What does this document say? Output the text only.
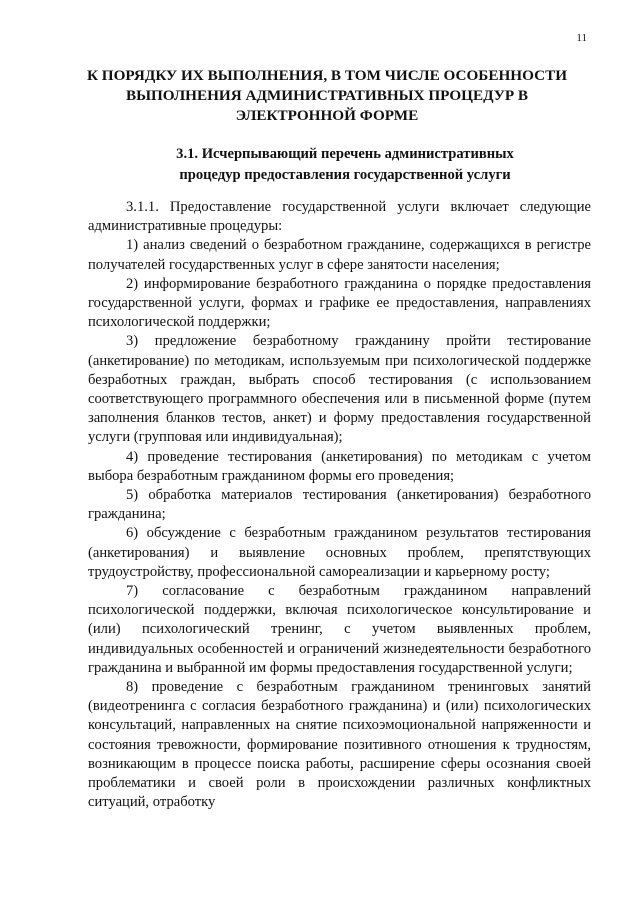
11
К ПОРЯДКУ ИХ ВЫПОЛНЕНИЯ, В ТОМ ЧИСЛЕ ОСОБЕННОСТИ
ВЫПОЛНЕНИЯ АДМИНИСТРАТИВНЫХ ПРОЦЕДУР В
ЭЛЕКТРОННОЙ ФОРМЕ
3.1. Исчерпывающий перечень административных
процедур предоставления государственной услуги

3.1.1. Предоставление государственной услуги включает следующие административные процедуры:

1) анализ сведений о безработном гражданине, содержащихся в регистре получателей государственных услуг в сфере занятости населения;

2) информирование безработного гражданина о порядке предоставления государственной услуги, формах и графике ее предоставления, направлениях психологической поддержки;

3) предложение безработному гражданину пройти тестирование (анкетирование) по методикам, используемым при психологической поддержке безработных граждан, выбрать способ тестирования (с использованием соответствующего программного обеспечения или в письменной форме (путем заполнения бланков тестов, анкет) и форму предоставления государственной услуги (групповая или индивидуальная);

4) проведение тестирования (анкетирования) по методикам с учетом выбора безработным гражданином формы его проведения;

5) обработка материалов тестирования (анкетирования) безработного гражданина;

6) обсуждение с безработным гражданином результатов тестирования (анкетирования) и выявление основных проблем, препятствующих трудоустройству, профессиональной самореализации и карьерному росту;

7) согласование с безработным гражданином направлений психологической поддержки, включая психологическое консультирование и (или) психологический тренинг, с учетом выявленных проблем, индивидуальных особенностей и ограничений жизнедеятельности безработного гражданина и выбранной им формы предоставления государственной услуги;

8) проведение с безработным гражданином тренинговых занятий (видеотренинга с согласия безработного гражданина) и (или) психологических консультаций, направленных на снятие психоэмоциональной напряженности и состояния тревожности, формирование позитивного отношения к трудностям, возникающим в процессе поиска работы, расширение сферы осознания своей проблематики и своей роли в происхождении различных конфликтных ситуаций, отработку
